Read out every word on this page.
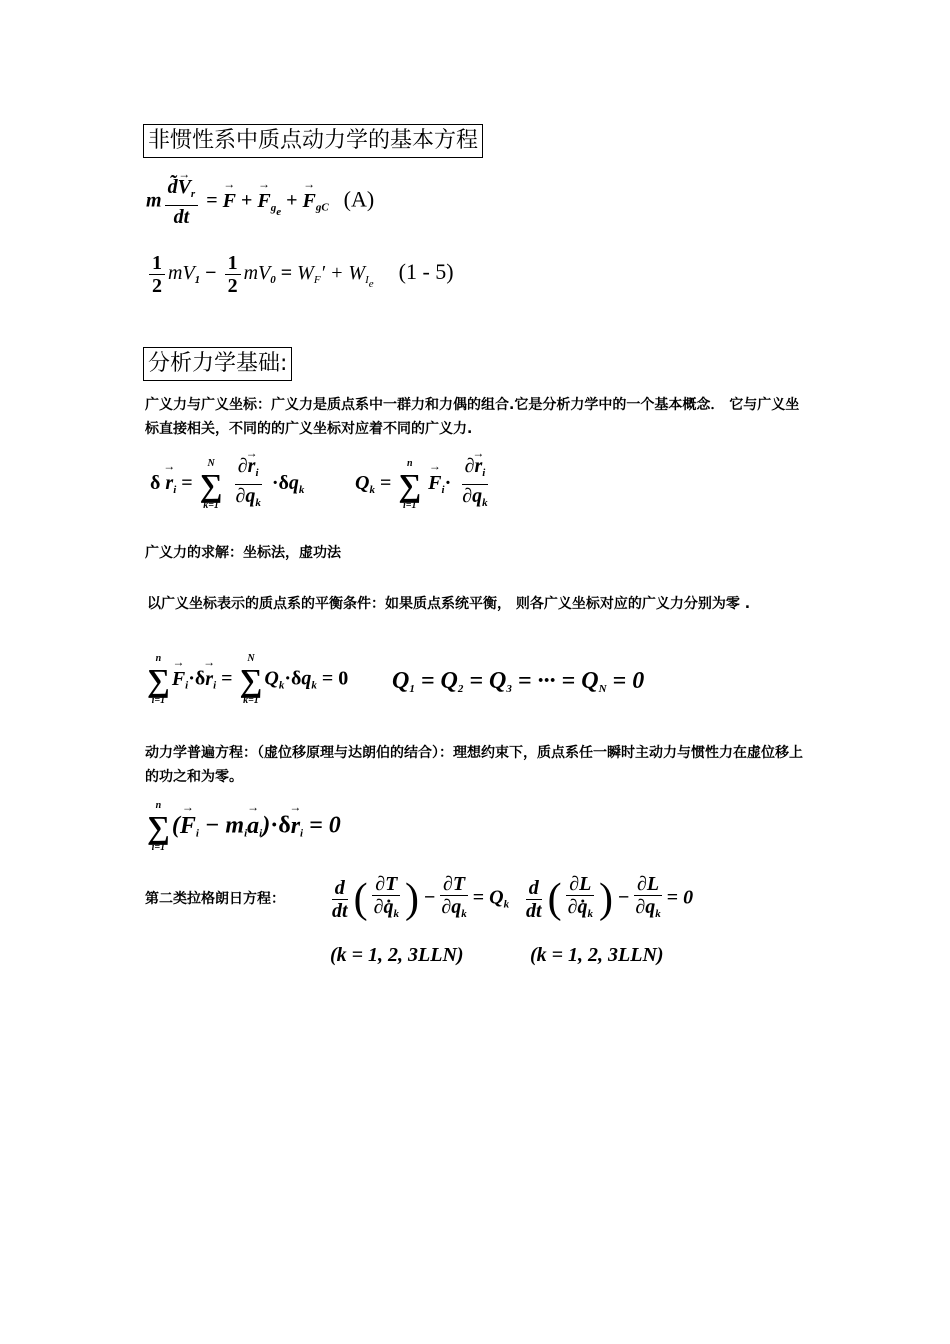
非惯性系中质点动力学的基本方程
m $\frac{d̃\to V_r}{dt}$ = → F + → $F_{g_e}$ + → $F_{gC}$ (A)
$\frac{1}{2} mV_1 - \frac{1}{2} mV_0 = W_F' + W_{I_e}$ (1 - 5)
分析力学基础:
广义力与广义坐标：广义力是质点系中一群力和力偶的组合.它是分析力学中的一个基本概念． 它与广义坐标直接相关，不同的的广义坐标对应着不同的广义力.
$\delta \to r_i$ =
N
∑
k=1
$\frac{\partial\to r_i}{\partial q_k} \cdot\delta q_k$	$Q_k$ =
n
∑
i=1
→ $F_i\cdot \frac{\partial\to r_i}{\partial q_k}$
广义力的求解：坐标法，虚功法
以广义坐标表示的质点系的平衡条件：如果质点系统平衡， 则各广义坐标对应的广义力分别为零 .
n
∑
i=1
→ $F_i\cdot\delta\to r_i$ =
N
∑
k=1
$Q_k\cdot\delta q_k = 0$ $Q_1 = Q_2 = Q_3$ = ··· = $Q_N = 0$
动力学普遍方程：（虚位移原理与达朗伯的结合）：理想约束下，质点系任一瞬时主动力与惯性力在虚位移上的功之和为零。
n
∑
i=1
(→ $F_i - m_i\to a_i)\cdot\delta\to r_i = 0$
第二类拉格朗日方程： $\frac{d}{dt}$ ( $\frac{\partial T}{\partial q̇_k}$ ) − $\frac{\partial T}{\partial q_k} = Q_k \frac{d}{dt}$ ( $\frac{\partial L}{\partial q̇_k}$ ) − $\frac{\partial L}{\partial q_k} = 0$
(k = 1, 2, 3LLN)	(k = 1, 2, 3LLN)
